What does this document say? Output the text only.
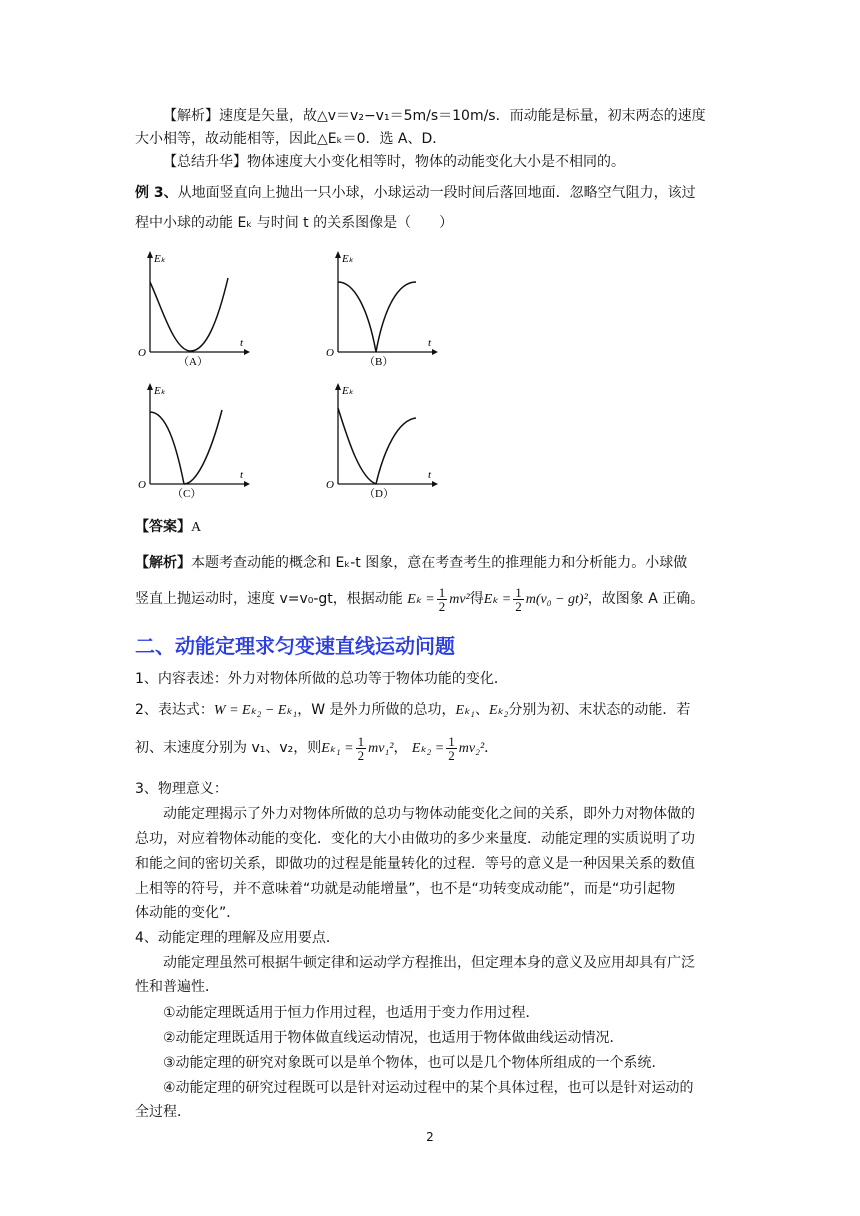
【解析】速度是矢量，故△v＝v₂−v₁＝5m/s＝10m/s．而动能是标量，初末两态的速度
大小相等，故动能相等，因此△Eₖ＝0．选 A、D．
【总结升华】物体速度大小变化相等时，物体的动能变化大小是不相同的。
例 3、从地面竖直向上抛出一只小球，小球运动一段时间后落回地面．忽略空气阻力，该过
程中小球的动能 Eₖ 与时间 t 的关系图像是（　　）
Eₖ
t
O
（A）
Eₖ
t
O
（B）
Eₖ
t
O
（C）
Eₖ
t
O
（D）
【答案】A
【解析】本题考查动能的概念和 Eₖ-t 图象，意在考查考生的推理能力和分析能力。小球做
竖直上抛运动时，速度 v=v₀-gt，根据动能 $E_k = \frac{1}{2} mv^2$得$E_k = \frac{1}{2} m(v_0 - gt)^2$，故图象 A 正确。
二、动能定理求匀变速直线运动问题
1、内容表述：外力对物体所做的总功等于物体功能的变化．
2、表达式：W = Eₖ₂ − Eₖ₁，W 是外力所做的总功，Eₖ₁、Eₖ₂分别为初、末状态的动能．若
初、末速度分别为 v₁、v₂，则$E_{k1} = \frac{1}{2} mv_1^2$， $E_{k2} = \frac{1}{2} mv_2^2$．
3、物理意义：
动能定理揭示了外力对物体所做的总功与物体动能变化之间的关系，即外力对物体做的
总功，对应着物体动能的变化．变化的大小由做功的多少来量度．动能定理的实质说明了功
和能之间的密切关系，即做功的过程是能量转化的过程．等号的意义是一种因果关系的数值
上相等的符号，并不意味着“功就是动能增量”，也不是“功转变成动能”，而是“功引起物
体动能的变化”．
4、动能定理的理解及应用要点．
动能定理虽然可根据牛顿定律和运动学方程推出，但定理本身的意义及应用却具有广泛
性和普遍性．
①动能定理既适用于恒力作用过程，也适用于变力作用过程．
②动能定理既适用于物体做直线运动情况，也适用于物体做曲线运动情况．
③动能定理的研究对象既可以是单个物体，也可以是几个物体所组成的一个系统．
④动能定理的研究过程既可以是针对运动过程中的某个具体过程，也可以是针对运动的
全过程．
2
